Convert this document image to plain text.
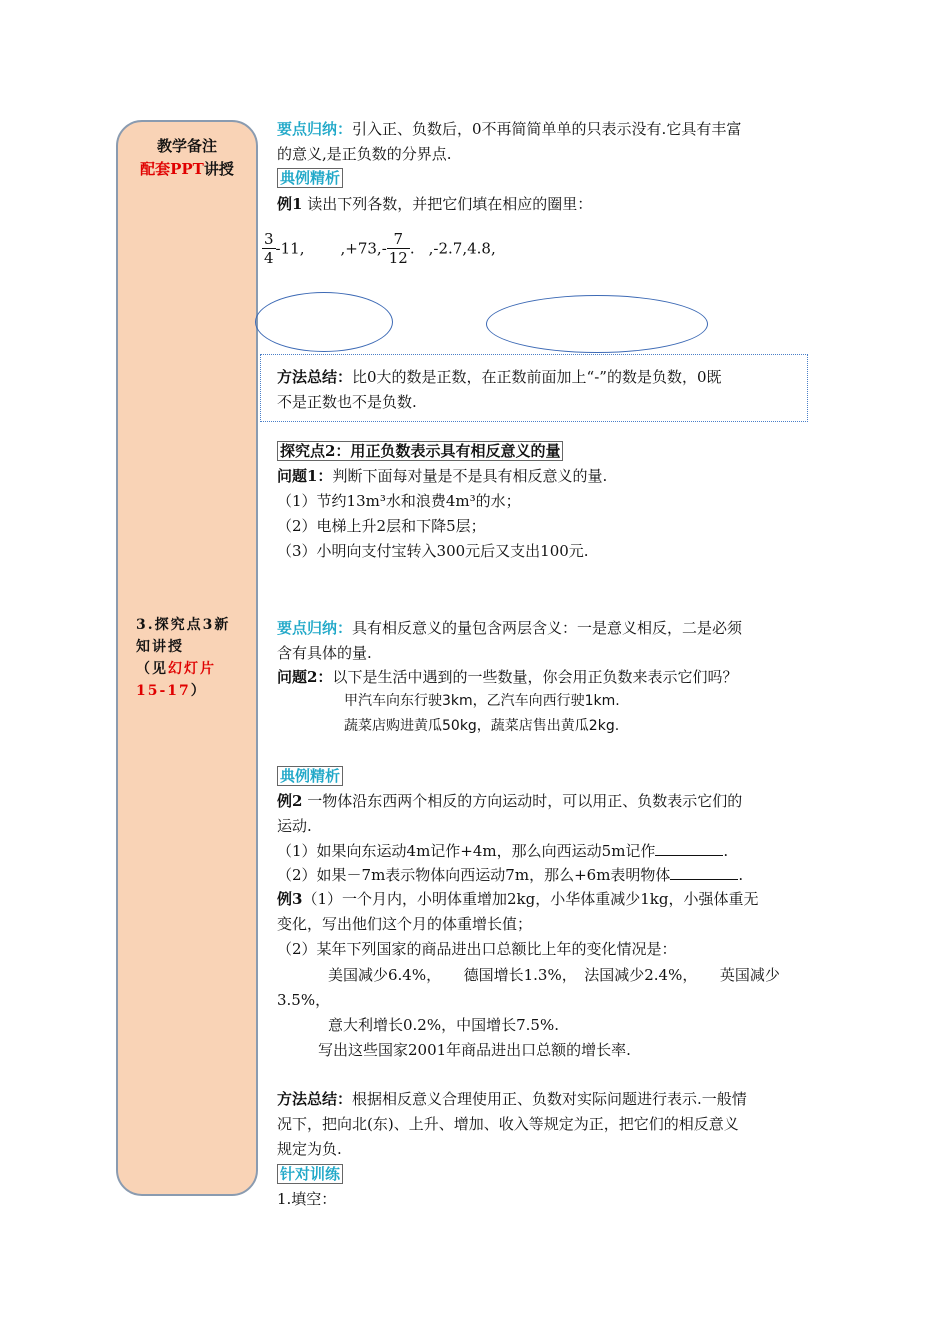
教学备注
配套PPT讲授
3.探究点3新
知讲授
（见幻灯片
15-17）
要点归纳：引入正、负数后，0不再简简单单的只表示没有.它具有丰富
的意义,是正负数的分界点.
典例精析
例1 读出下列各数，并把它们填在相应的圈里：
$\frac{3}{4} -11$, $,+73,- \frac{7}{12}$ . ,-2.7,4.8,
方法总结：比0大的数是正数，在正数前面加上“-”的数是负数，0既
不是正数也不是负数.
探究点2：用正负数表示具有相反意义的量
问题1：判断下面每对量是不是具有相反意义的量.
（1）节约13m³水和浪费4m³的水；
（2）电梯上升2层和下降5层；
（3）小明向支付宝转入300元后又支出100元.
要点归纳：具有相反意义的量包含两层含义：一是意义相反，二是必须
含有具体的量.
问题2：以下是生活中遇到的一些数量，你会用正负数来表示它们吗？
甲汽车向东行驶3km，乙汽车向西行驶1km.
蔬菜店购进黄瓜50kg，蔬菜店售出黄瓜2kg.
典例精析
例2 一物体沿东西两个相反的方向运动时，可以用正、负数表示它们的
运动.
（1）如果向东运动4m记作+4m，那么向西运动5m记作	.
（2）如果－7m表示物体向西运动7m，那么+6m表明物体	.
例3（1）一个月内，小明体重增加2kg，小华体重减少1kg，小强体重无
变化，写出他们这个月的体重增长值；
（2）某年下列国家的商品进出口总额比上年的变化情况是：
美国减少6.4%，　　德国增长1.3%，　法国减少2.4%，　　英国减少
3.5%，
意大利增长0.2%，中国增长7.5%.
写出这些国家2001年商品进出口总额的增长率.
方法总结：根据相反意义合理使用正、负数对实际问题进行表示.一般情
况下，把向北(东)、上升、增加、收入等规定为正，把它们的相反意义
规定为负.
针对训练
1.填空：
